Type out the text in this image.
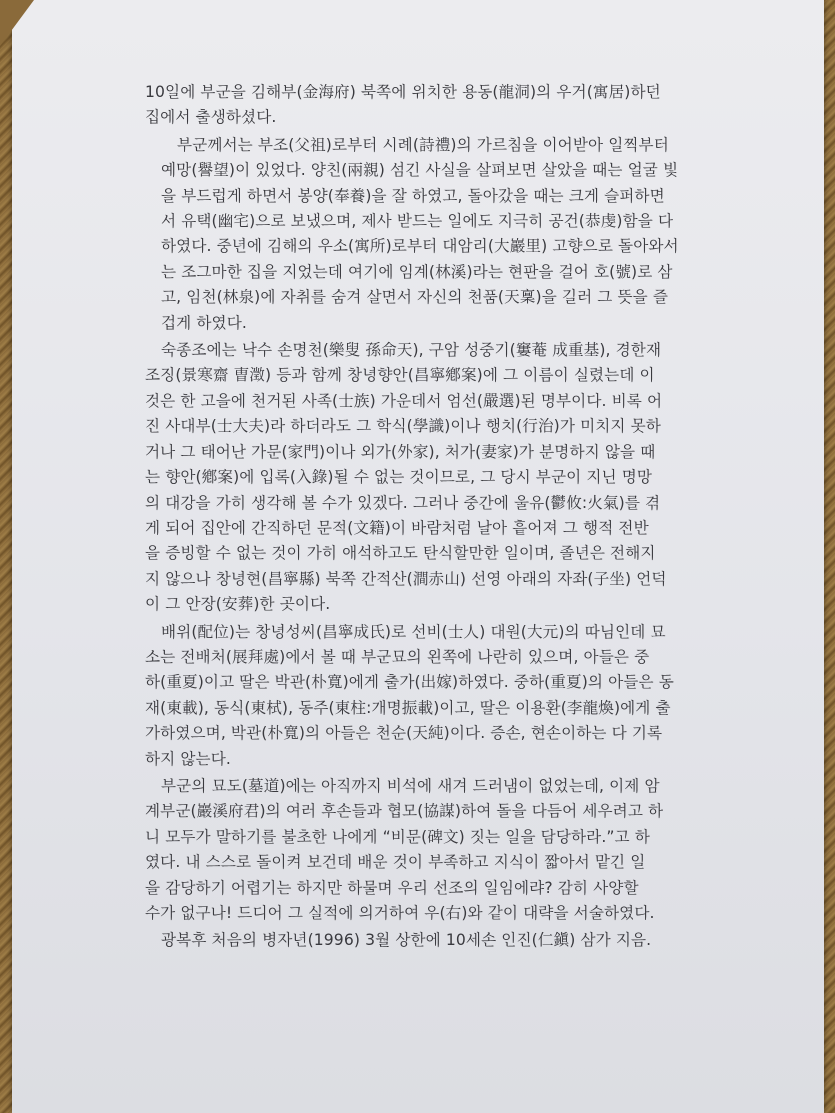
10일에 부군을 김해부(金海府) 북쪽에 위치한 용동(龍洞)의 우거(寓居)하던
집에서 출생하셨다.

부군께서는 부조(父祖)로부터 시례(詩禮)의 가르침을 이어받아 일찍부터
예망(譽望)이 있었다. 양친(兩親) 섬긴 사실을 살펴보면 살았을 때는 얼굴 빛
을 부드럽게 하면서 봉양(奉養)을 잘 하였고, 돌아갔을 때는 크게 슬퍼하면
서 유택(幽宅)으로 보냈으며, 제사 받드는 일에도 지극히 공건(恭虔)함을 다
하였다. 중년에 김해의 우소(寓所)로부터 대암리(大巖里) 고향으로 돌아와서
는 조그마한 집을 지었는데 여기에 임계(林溪)라는 현판을 걸어 호(號)로 삼
고, 임천(林泉)에 자취를 숨겨 살면서 자신의 천품(天稟)을 길러 그 뜻을 즐
겁게 하였다.

숙종조에는 낙수 손명천(樂叟 孫命天), 구암 성중기(窶菴 成重基), 경한재
조징(景寒齋 曺澂) 등과 함께 창녕향안(昌寧鄕案)에 그 이름이 실렸는데 이
것은 한 고을에 천거된 사족(士族) 가운데서 엄선(嚴選)된 명부이다. 비록 어
진 사대부(士大夫)라 하더라도 그 학식(學識)이나 행치(行治)가 미치지 못하
거나 그 태어난 가문(家門)이나 외가(外家), 처가(妻家)가 분명하지 않을 때
는 향안(鄕案)에 입록(入錄)될 수 없는 것이므로, 그 당시 부군이 지닌 명망
의 대강을 가히 생각해 볼 수가 있겠다. 그러나 중간에 울유(鬱攸:火氣)를 겪
게 되어 집안에 간직하던 문적(文籍)이 바람처럼 날아 흩어져 그 행적 전반
을 증빙할 수 없는 것이 가히 애석하고도 탄식할만한 일이며, 졸년은 전해지
지 않으나 창녕현(昌寧縣) 북쪽 간적산(澗赤山) 선영 아래의 자좌(子坐) 언덕
이 그 안장(安葬)한 곳이다.

배위(配位)는 창녕성씨(昌寧成氏)로 선비(士人) 대원(大元)의 따님인데 묘
소는 전배처(展拜處)에서 볼 때 부군묘의 왼쪽에 나란히 있으며, 아들은 중
하(重夏)이고 딸은 박관(朴寬)에게 출가(出嫁)하였다. 중하(重夏)의 아들은 동
재(東載), 동식(東栻), 동주(東柱:개명振載)이고, 딸은 이용환(李龍煥)에게 출
가하였으며, 박관(朴寬)의 아들은 천순(天純)이다. 증손, 현손이하는 다 기록
하지 않는다.

부군의 묘도(墓道)에는 아직까지 비석에 새겨 드러냄이 없었는데, 이제 암
계부군(巖溪府君)의 여러 후손들과 협모(協謀)하여 돌을 다듬어 세우려고 하
니 모두가 말하기를 불초한 나에게 “비문(碑文) 짓는 일을 담당하라.”고 하
였다. 내 스스로 돌이켜 보건데 배운 것이 부족하고 지식이 짧아서 맡긴 일
을 감당하기 어렵기는 하지만 하물며 우리 선조의 일임에랴? 감히 사양할
수가 없구나! 드디어 그 실적에 의거하여 우(右)와 같이 대략을 서술하였다.

광복후 처음의 병자년(1996) 3월 상한에 10세손 인진(仁鎭) 삼가 지음.
